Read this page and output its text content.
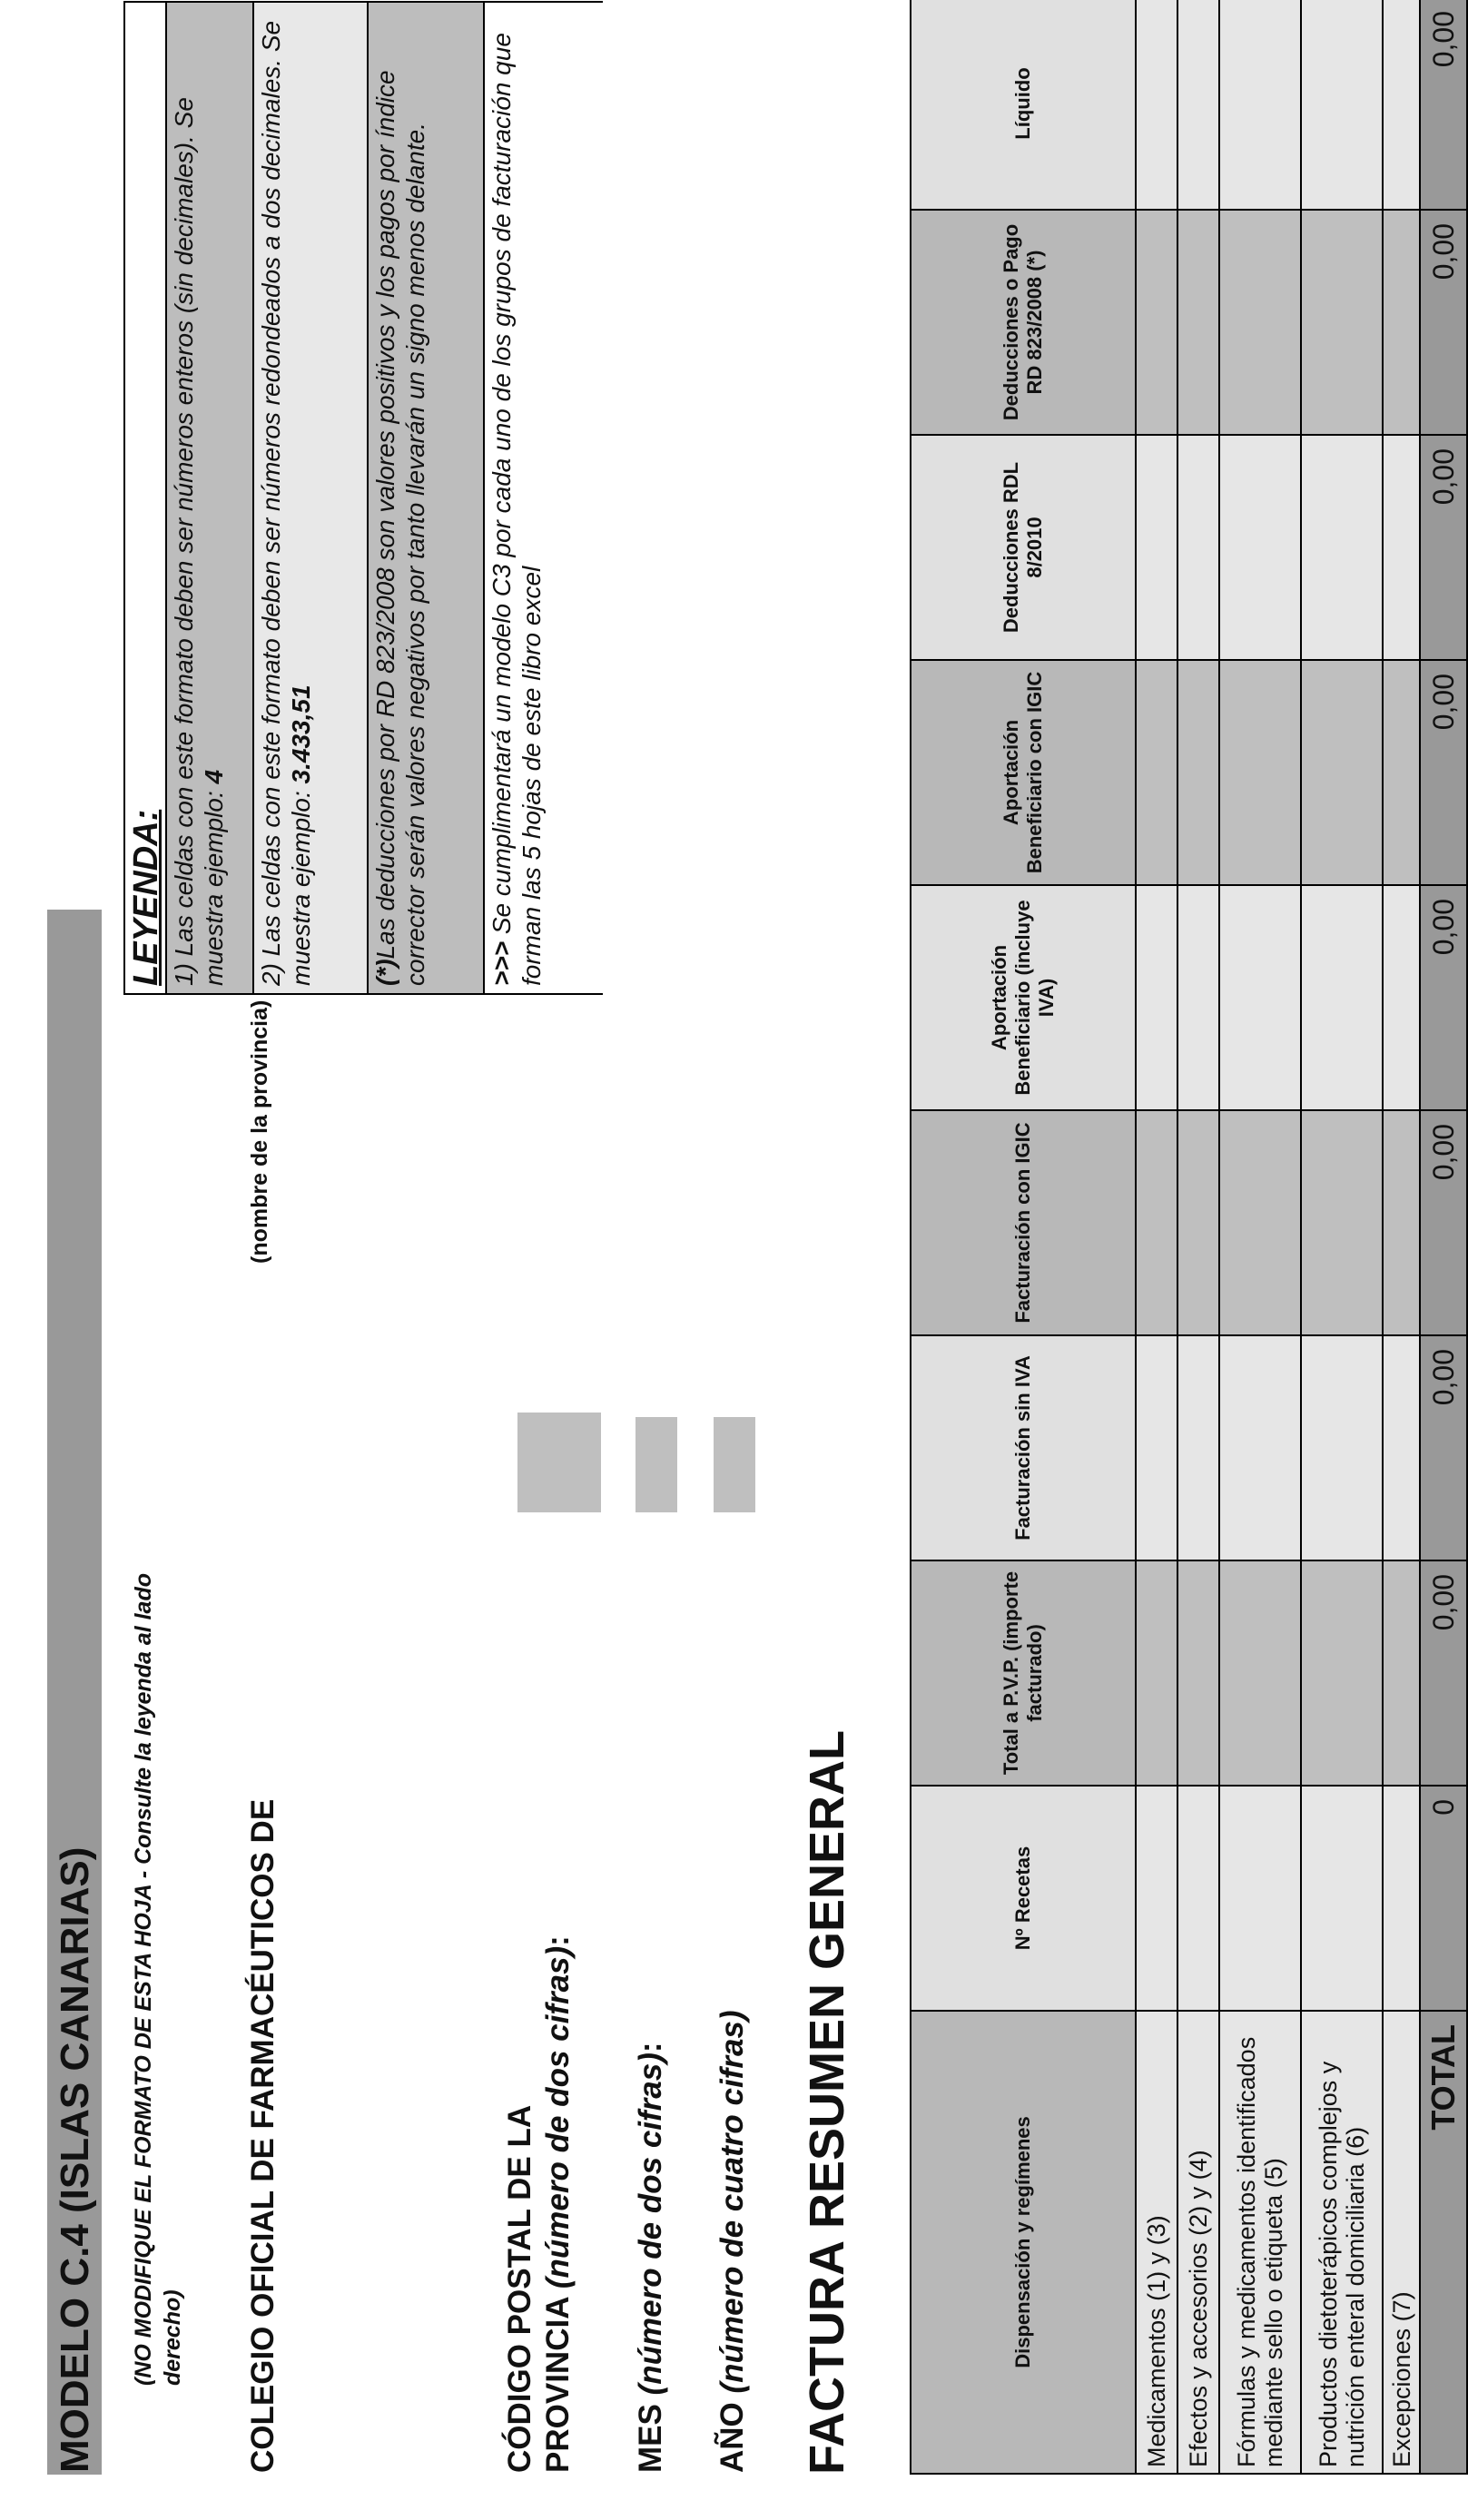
MODELO C.4 (ISLAS CANARIAS) (NO MODIFIQUE EL FORMATO DE ESTA HOJA - Consulte la leyenda al lado derecho) COLEGIO OFICIAL DE FARMACÉUTICOS DE
(nombre de la provincia)
CÓDIGO POSTAL DE LA PROVINCIA (número de dos cifras):
MES (número de dos cifras):
AÑO (número de cuatro cifras) FACTURA RESUMEN GENERAL
LEYENDA: 1) Las celdas con este formato deben ser números enteros (sin decimales). Se muestra ejemplo: 4	2) Las celdas con este formato deben ser números redondeados a dos decimales. Se muestra ejemplo: 3.433,51
(*)Las deducciones por RD 823/2008 son valores positivos y los pagos por índice corrector serán valores negativos por tanto llevarán un signo menos delante.	>>> Se cumplimentará un modelo C3 por cada uno de los grupos de facturación que forman las 5 hojas de este libro excel
Dispensación y regímenes	Nº Recetas	Total a P.V.P. (importe facturado)	Facturación sin IVA	Facturación con IGIC	Aportación Beneficiario (incluye IVA)	Aportación Beneficiario con IGIC	Deducciones RDL 8/2010	Deducciones o Pago RD 823/2008 (*)	Líquido
Medicamentos (1) y (3)									
Efectos y accesorios (2) y (4)									
Fórmulas y medicamentos identificados mediante sello o etiqueta (5)									
Productos dietoterápicos complejos y nutrición enteral domiciliaria (6)									
Excepciones (7)									
TOTAL	0	0,00	0,00	0,00	0,00	0,00	0,00	0,00	0,00
